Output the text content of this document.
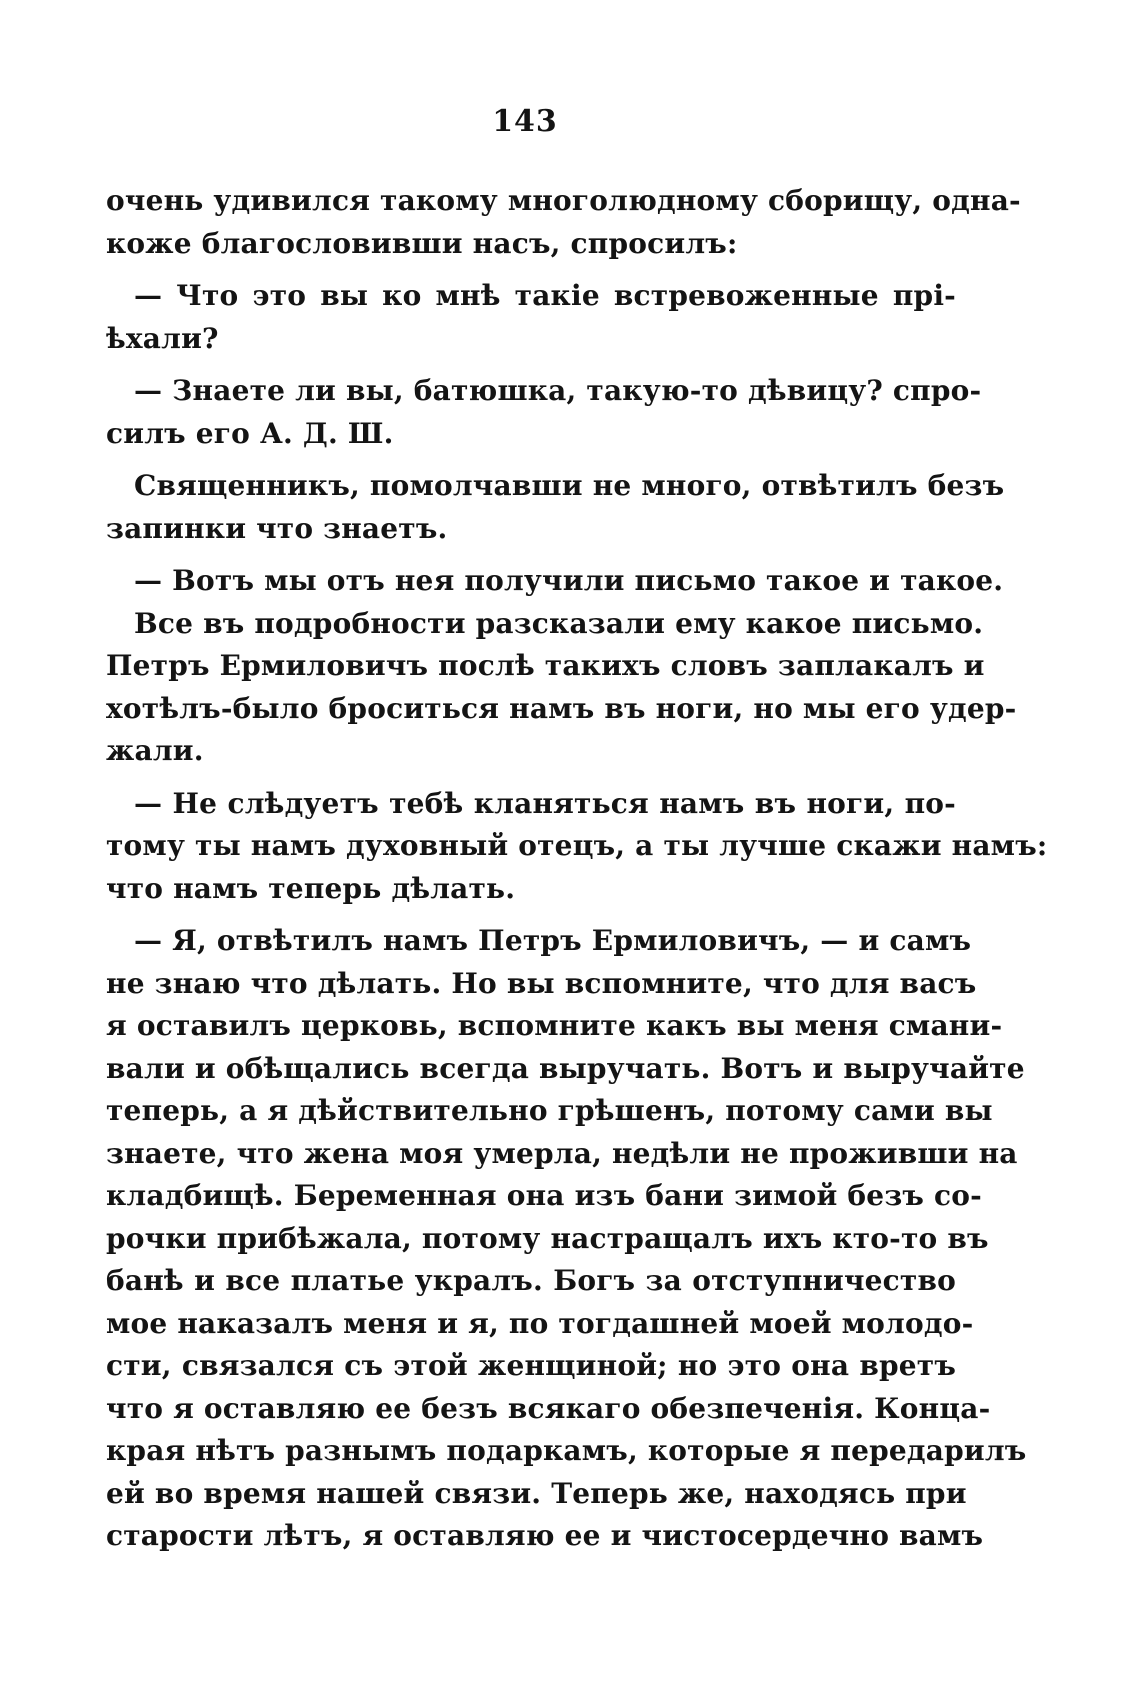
143
очень удивился такому многолюдному сборищу, одна-
коже благословивши насъ, спросилъ:
— Что это вы ко мнѣ такіе встревоженные прі-
ѣхали?
— Знаете ли вы, батюшка, такую-то дѣвицу? спро-
силъ его А. Д. Ш.
Священникъ, помолчавши не много, отвѣтилъ безъ
запинки что знаетъ.
— Вотъ мы отъ нея получили письмо такое и такое.
Все въ подробности разсказали ему какое письмо.
Петръ Ермиловичъ послѣ такихъ словъ заплакалъ и
хотѣлъ-было броситься намъ въ ноги, но мы его удер-
жали.
— Не слѣдуетъ тебѣ кланяться намъ въ ноги, по-
тому ты намъ духовный отецъ, а ты лучше скажи намъ:
что намъ теперь дѣлать.
— Я, отвѣтилъ намъ Петръ Ермиловичъ, — и самъ
не знаю что дѣлать. Но вы вспомните, что для васъ
я оставилъ церковь, вспомните какъ вы меня смани-
вали и обѣщались всегда выручать. Вотъ и выручайте
теперь, а я дѣйствительно грѣшенъ, потому сами вы
знаете, что жена моя умерла, недѣли не проживши на
кладбищѣ. Беременная она изъ бани зимой безъ со-
рочки прибѣжала, потому настращалъ ихъ кто-то въ
банѣ и все платье укралъ. Богъ за отступничество
мое наказалъ меня и я, по тогдашней моей молодо-
сти, связался съ этой женщиной; но это она вретъ
что я оставляю ее безъ всякаго обезпеченія. Конца-
края нѣтъ разнымъ подаркамъ, которые я передарилъ
ей во время нашей связи. Теперь же, находясь при
старости лѣтъ, я оставляю ее и чистосердечно вамъ
